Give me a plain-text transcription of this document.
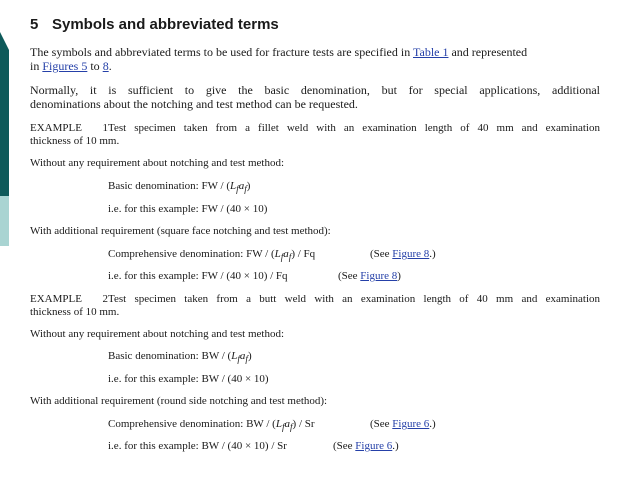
5 Symbols and abbreviated terms
The symbols and abbreviated terms to be used for fracture tests are specified in Table 1 and represented
in Figures 5 to 8.
Normally, it is sufficient to give the basic denomination, but for special applications, additional
denominations about the notching and test method can be requested.
EXAMPLE 1Test specimen taken from a fillet weld with an examination length of 40 mm and examination
thickness of 10 mm.
Without any requirement about notching and test method:
Basic denomination: FW / $(L_fa_f)$
i.e. for this example: FW / (40 × 10)
With additional requirement (square face notching and test method):
Comprehensive denomination: FW / $(L_fa_f)$ / Fq	(See Figure 8.)
i.e. for this example: FW / (40 × 10) / Fq	(See Figure 8)
EXAMPLE 2Test specimen taken from a butt weld with an examination length of 40 mm and examination
thickness of 10 mm.
Without any requirement about notching and test method:
Basic denomination: BW / $(L_fa_f)$
i.e. for this example: BW / (40 × 10)
With additional requirement (round side notching and test method):
Comprehensive denomination: BW / $(L_fa_f)$ / Sr	(See Figure 6.)
i.e. for this example: BW / (40 × 10) / Sr	(See Figure 6.)
